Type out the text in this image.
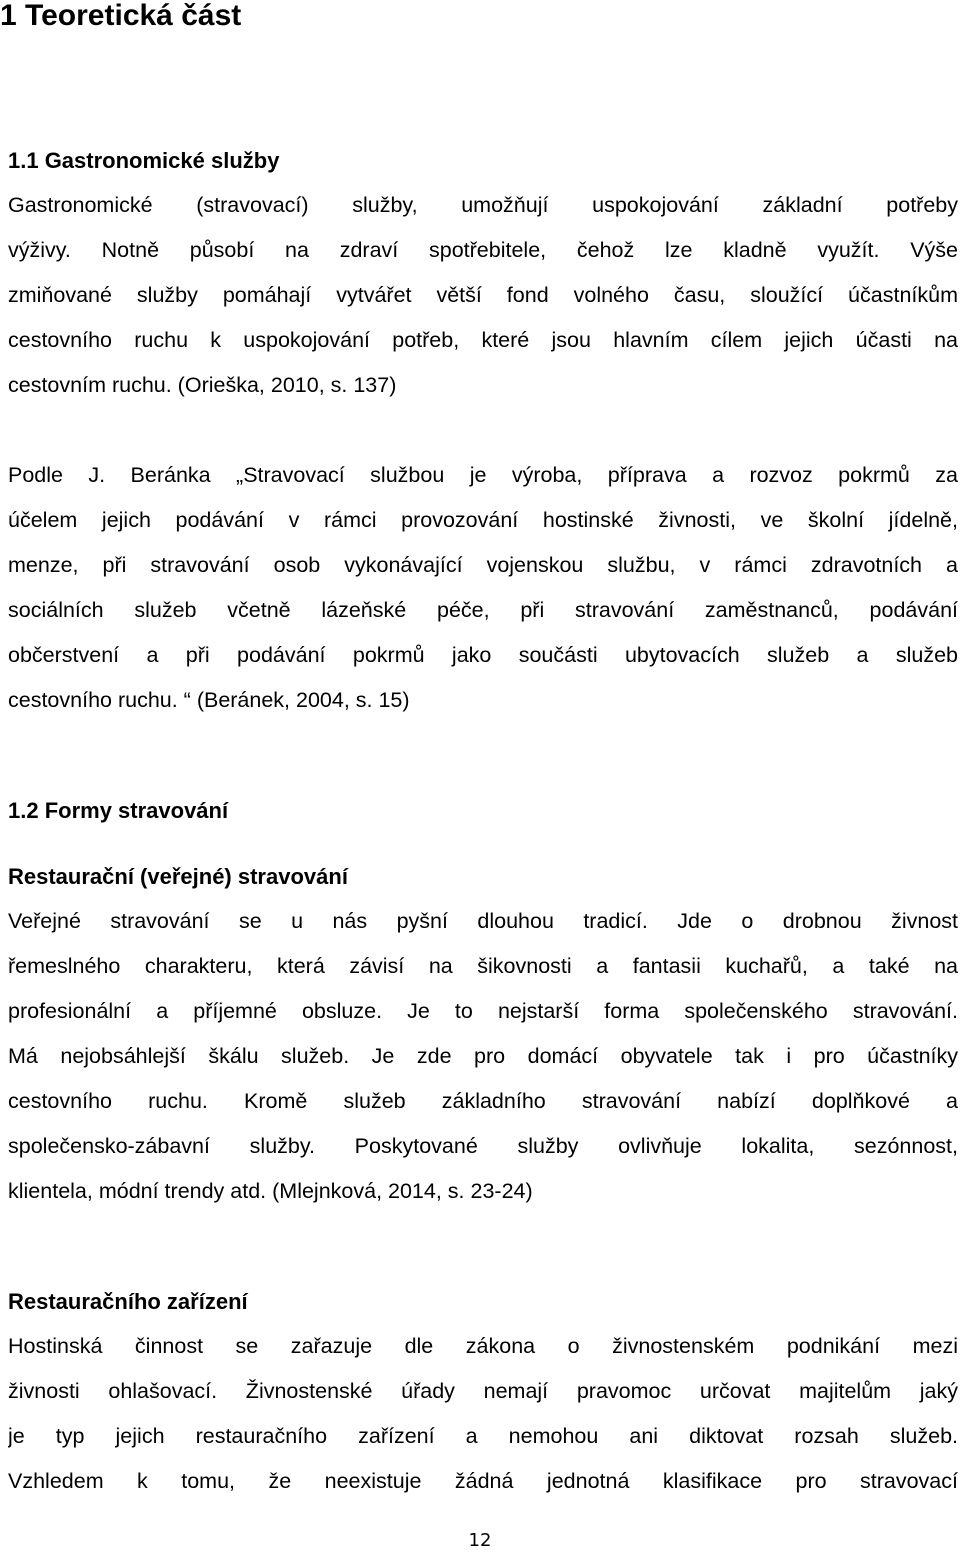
1 Teoretická část
1.1 Gastronomické služby
Gastronomické (stravovací) služby, umožňují uspokojování základní potřeby
výživy. Notně působí na zdraví spotřebitele, čehož lze kladně využít. Výše
zmiňované služby pomáhají vytvářet větší fond volného času, sloužící účastníkům
cestovního ruchu k uspokojování potřeb, které jsou hlavním cílem jejich účasti na
cestovním ruchu. (Orieška, 2010, s. 137)
Podle J. Beránka „Stravovací službou je výroba, příprava a rozvoz pokrmů za
účelem jejich podávání v rámci provozování hostinské živnosti, ve školní jídelně,
menze, při stravování osob vykonávající vojenskou službu, v rámci zdravotních a
sociálních služeb včetně lázeňské péče, při stravování zaměstnanců, podávání
občerstvení a při podávání pokrmů jako součásti ubytovacích služeb a služeb
cestovního ruchu. “ (Beránek, 2004, s. 15)
1.2 Formy stravování
Restaurační (veřejné) stravování
Veřejné stravování se u nás pyšní dlouhou tradicí. Jde o drobnou živnost
řemeslného charakteru, která závisí na šikovnosti a fantasii kuchařů, a také na
profesionální a příjemné obsluze. Je to nejstarší forma společenského stravování.
Má nejobsáhlejší škálu služeb. Je zde pro domácí obyvatele tak i pro účastníky
cestovního ruchu. Kromě služeb základního stravování nabízí doplňkové a
společensko-zábavní služby. Poskytované služby ovlivňuje lokalita, sezónnost,
klientela, módní trendy atd. (Mlejnková, 2014, s. 23-24)
Restauračního zařízení
Hostinská činnost se zařazuje dle zákona o živnostenském podnikání mezi
živnosti ohlašovací. Živnostenské úřady nemají pravomoc určovat majitelům jaký
je typ jejich restauračního zařízení a nemohou ani diktovat rozsah služeb.
Vzhledem k tomu, že neexistuje žádná jednotná klasifikace pro stravovací
12
